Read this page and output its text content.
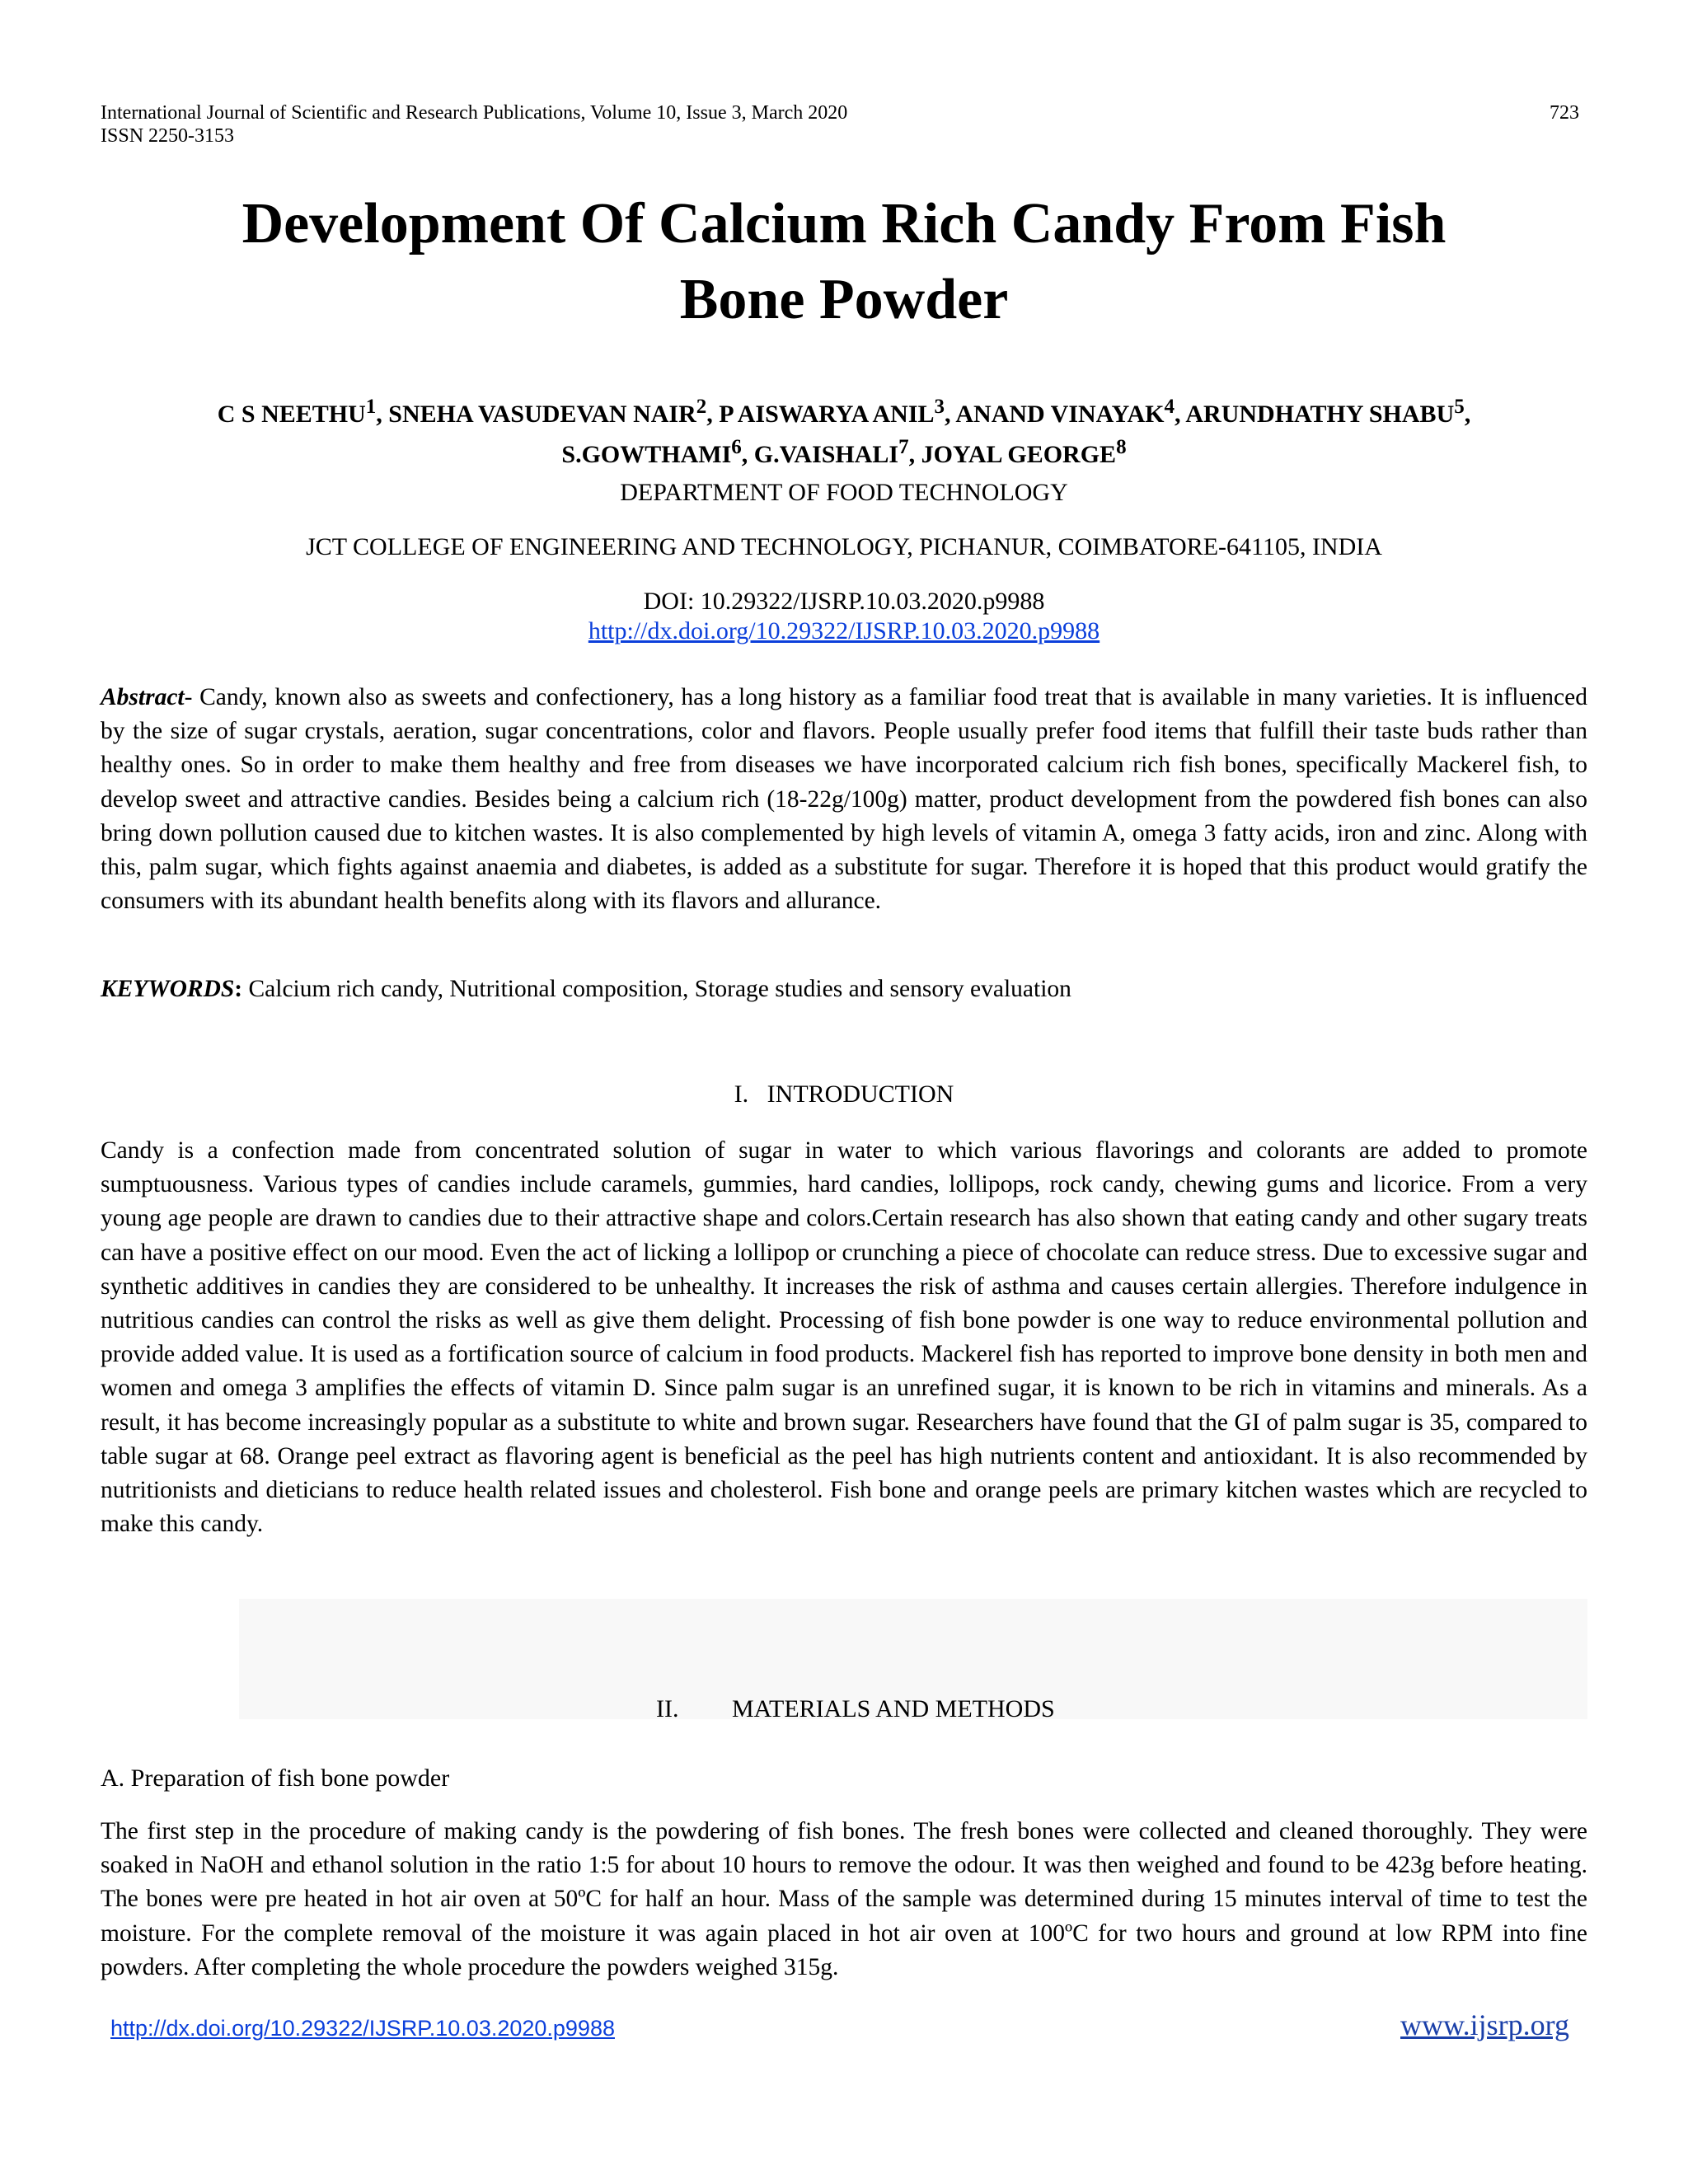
International Journal of Scientific and Research Publications, Volume 10, Issue 3, March 2020
ISSN 2250-3153
723
Development Of Calcium Rich Candy From Fish
Bone Powder
C S NEETHU$^1$, SNEHA VASUDEVAN NAIR$^2$, P AISWARYA ANIL$^3$, ANAND VINAYAK$^4$, ARUNDHATHY SHABU$^5$,
S.GOWTHAMI$^6$, G.VAISHALI$^7$, JOYAL GEORGE$^8$
DEPARTMENT OF FOOD TECHNOLOGY
JCT COLLEGE OF ENGINEERING AND TECHNOLOGY, PICHANUR, COIMBATORE-641105, INDIA
DOI: 10.29322/IJSRP.10.03.2020.p9988
http://dx.doi.org/10.29322/IJSRP.10.03.2020.p9988
Abstract- Candy, known also as sweets and confectionery, has a long history as a familiar food treat that is available in many varieties. It is influenced by the size of sugar crystals, aeration, sugar concentrations, color and flavors. People usually prefer food items that fulfill their taste buds rather than healthy ones. So in order to make them healthy and free from diseases we have incorporated calcium rich fish bones, specifically Mackerel fish, to develop sweet and attractive candies. Besides being a calcium rich (18-22g/100g) matter, product development from the powdered fish bones can also bring down pollution caused due to kitchen wastes. It is also complemented by high levels of vitamin A, omega 3 fatty acids, iron and zinc. Along with this, palm sugar, which fights against anaemia and diabetes, is added as a substitute for sugar. Therefore it is hoped that this product would gratify the consumers with its abundant health benefits along with its flavors and allurance.
KEYWORDS: Calcium rich candy, Nutritional composition, Storage studies and sensory evaluation
I.   INTRODUCTION
Candy is a confection made from concentrated solution of sugar in water to which various flavorings and colorants are added to promote sumptuousness. Various types of candies include caramels, gummies, hard candies, lollipops, rock candy, chewing gums and licorice. From a very young age people are drawn to candies due to their attractive shape and colors.Certain research has also shown that eating candy and other sugary treats can have a positive effect on our mood. Even the act of licking a lollipop or crunching a piece of chocolate can reduce stress. Due to excessive sugar and synthetic additives in candies they are considered to be unhealthy. It increases the risk of asthma and causes certain allergies. Therefore indulgence in nutritious candies can control the risks as well as give them delight. Processing of fish bone powder is one way to reduce environmental pollution and provide added value. It is used as a fortification source of calcium in food products. Mackerel fish has reported to improve bone density in both men and women and omega 3 amplifies the effects of vitamin D. Since palm sugar is an unrefined sugar, it is known to be rich in vitamins and minerals. As a result, it has become increasingly popular as a substitute to white and brown sugar. Researchers have found that the GI of palm sugar is 35, compared to table sugar at 68. Orange peel extract as flavoring agent is beneficial as the peel has high nutrients content and antioxidant. It is also recommended by nutritionists and dieticians to reduce health related issues and cholesterol. Fish bone and orange peels are primary kitchen wastes which are recycled to make this candy.
II. MATERIALS AND METHODS
A. Preparation of fish bone powder
The first step in the procedure of making candy is the powdering of fish bones. The fresh bones were collected and cleaned thoroughly. They were soaked in NaOH and ethanol solution in the ratio 1:5 for about 10 hours to remove the odour. It was then weighed and found to be 423g before heating. The bones were pre heated in hot air oven at 50ºC for half an hour. Mass of the sample was determined during 15 minutes interval of time to test the moisture. For the complete removal of the moisture it was again placed in hot air oven at 100ºC for two hours and ground at low RPM into fine powders. After completing the whole procedure the powders weighed 315g.
http://dx.doi.org/10.29322/IJSRP.10.03.2020.p9988	www.ijsrp.org
